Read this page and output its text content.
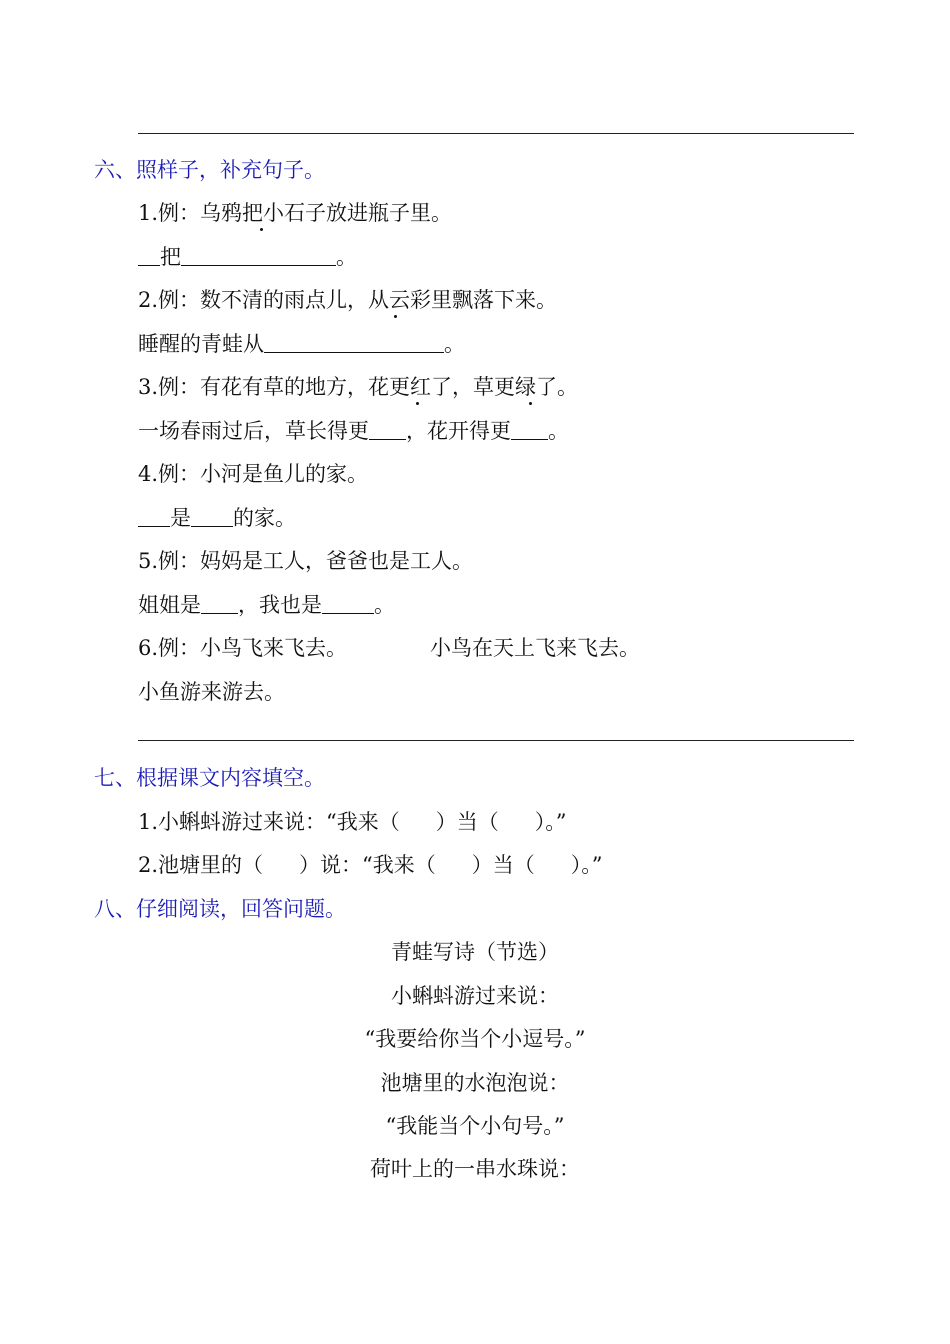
六、照样子，补充句子。
1.例：乌鸦把小石子放进瓶子里。
把	。
2.例：数不清的雨点儿，从云彩里飘落下来。
睡醒的青蛙从	。
3.例：有花有草的地方，花更红了，草更绿了。
一场春雨过后，草长得更 ，花开得更 。
4.例：小河是鱼儿的家。
是 的家。
5.例：妈妈是工人，爸爸也是工人。
姐姐是 ，我也是 。
6.例：小鸟飞来飞去。	小鸟在天上飞来飞去。
小鱼游来游去。
七、根据课文内容填空。
1.小蝌蚪游过来说：“我来（ ）当（ ）。”
2.池塘里的（ ）说：“我来（ ）当（ ）。”
八、仔细阅读，回答问题。
青蛙写诗（节选）
小蝌蚪游过来说：
“我要给你当个小逗号。”
池塘里的水泡泡说：
“我能当个小句号。”
荷叶上的一串水珠说：
